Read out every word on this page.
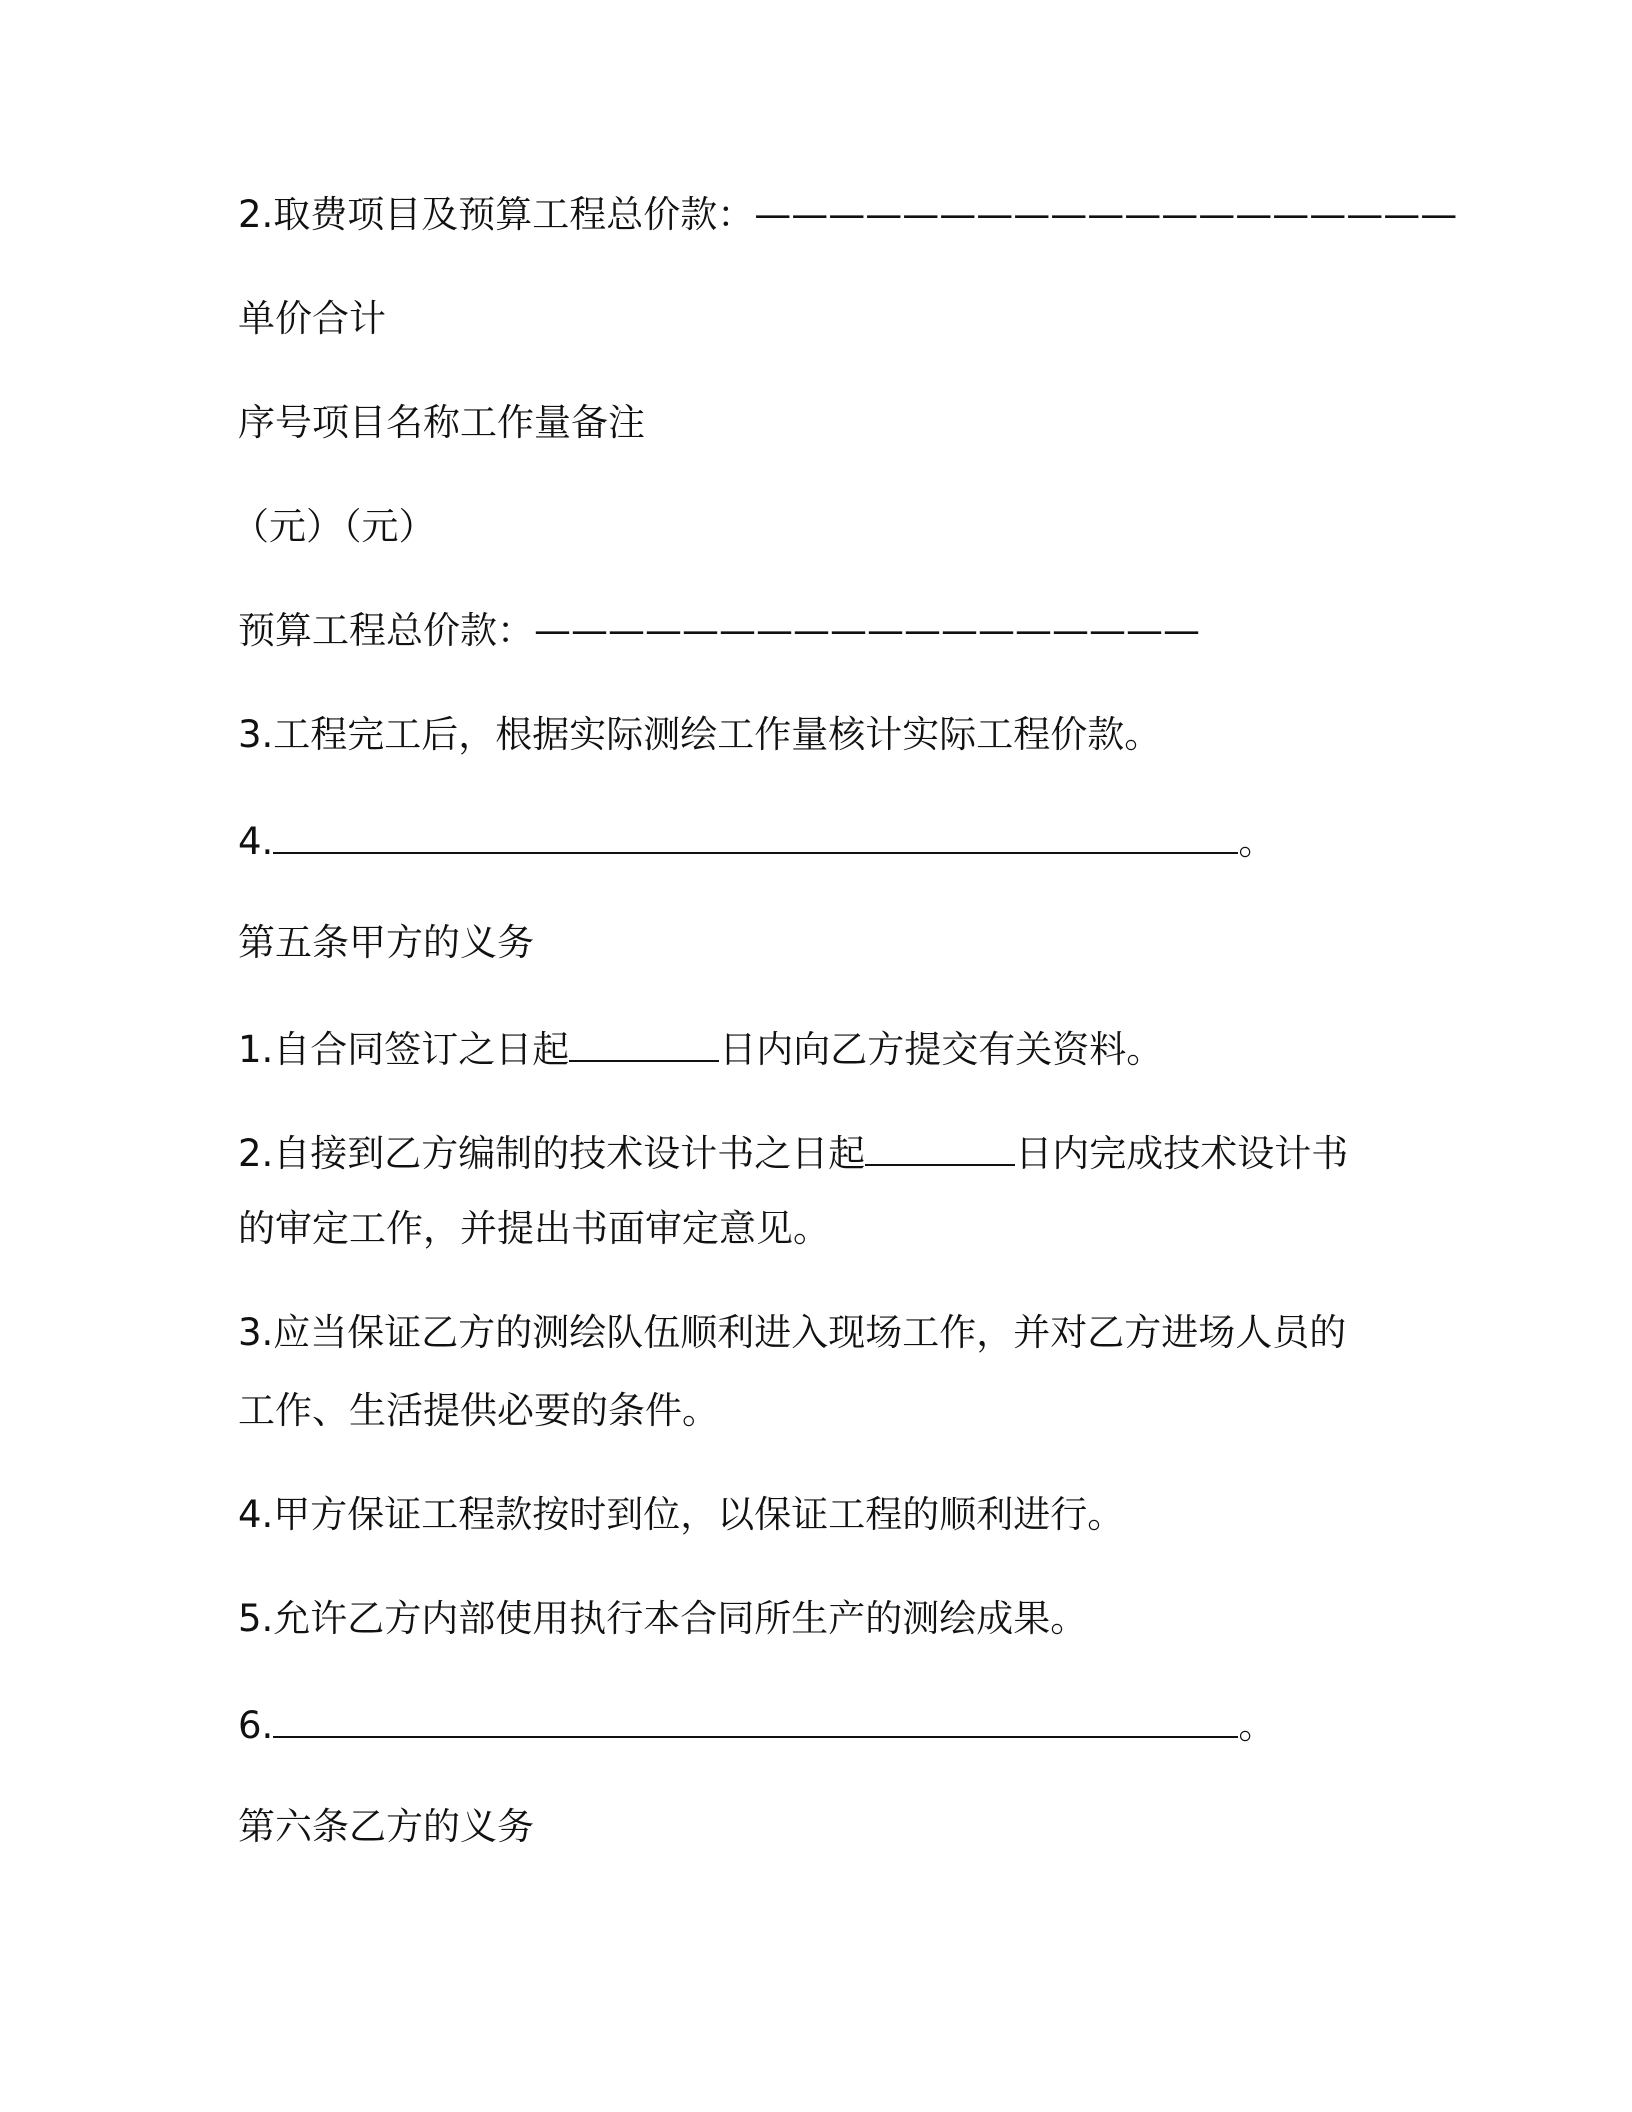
2.取费项目及预算工程总价款：———————————————————
单价合计
序号项目名称工作量备注
（元）（元）
预算工程总价款：——————————————————
3.工程完工后，根据实际测绘工作量核计实际工程价款。
4.	。
第五条甲方的义务
1.自合同签订之日起	日内向乙方提交有关资料。
2.自接到乙方编制的技术设计书之日起	日内完成技术设计书
的审定工作，并提出书面审定意见。
3.应当保证乙方的测绘队伍顺利进入现场工作，并对乙方进场人员的
工作、生活提供必要的条件。
4.甲方保证工程款按时到位，以保证工程的顺利进行。
5.允许乙方内部使用执行本合同所生产的测绘成果。
6.	。
第六条乙方的义务
